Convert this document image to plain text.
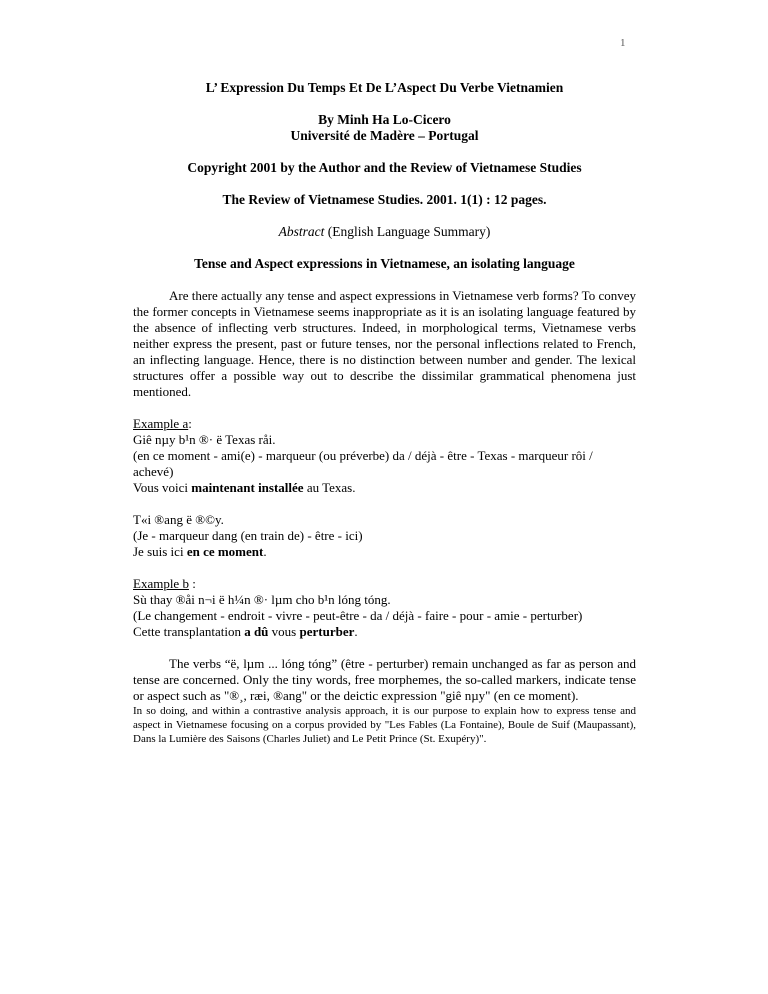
1
L’ Expression Du Temps Et De L’Aspect Du Verbe Vietnamien
By Minh Ha Lo-Cicero
Université de Madère – Portugal
Copyright 2001 by the Author and the Review of Vietnamese Studies
The Review of Vietnamese Studies. 2001. 1(1) : 12 pages.
Abstract (English Language Summary)
Tense and Aspect expressions in Vietnamese, an isolating language

Are there actually any tense and aspect expressions in Vietnamese verb forms? To convey the former concepts in Vietnamese seems inappropriate as it is an isolating language featured by the absence of inflecting verb structures. Indeed, in morphological terms, Vietnamese verbs neither express the present, past or future tenses, nor the personal inflections related to French, an inflecting language. Hence, there is no distinction between number and gender. The lexical structures offer a possible way out to describe the dissimilar grammatical phenomena just mentioned.

Example a:
Giê nµy b¹n ®· ë Texas råi.
(en ce moment - ami(e) - marqueur (ou préverbe) da / déjà - être - Texas - marqueur rôi / achevé)
Vous voici maintenant installée au Texas.
T«i ®ang ë ®©y.
(Je - marqueur dang (en train de) - être - ici)
Je suis ici en ce moment.
Example b :
Sù thay ®åi n¬i ë h¼n ®· lµm cho b¹n lóng tóng.
(Le changement - endroit - vivre - peut-être - da / déjà - faire - pour - amie - perturber)
Cette transplantation a dû vous perturber.

The verbs “ë, lµm ... lóng tóng” (être - perturber) remain unchanged as far as person and tense are concerned. Only the tiny words, free morphemes, the so-called markers, indicate tense or aspect such as "®¸, ræi, ®ang" or the deictic expression "giê nµy" (en ce moment).

In so doing, and within a contrastive analysis approach, it is our purpose to explain how to express tense and aspect in Vietnamese focusing on a corpus provided by "Les Fables (La Fontaine), Boule de Suif (Maupassant), Dans la Lumière des Saisons (Charles Juliet) and Le Petit Prince (St. Exupéry)".
